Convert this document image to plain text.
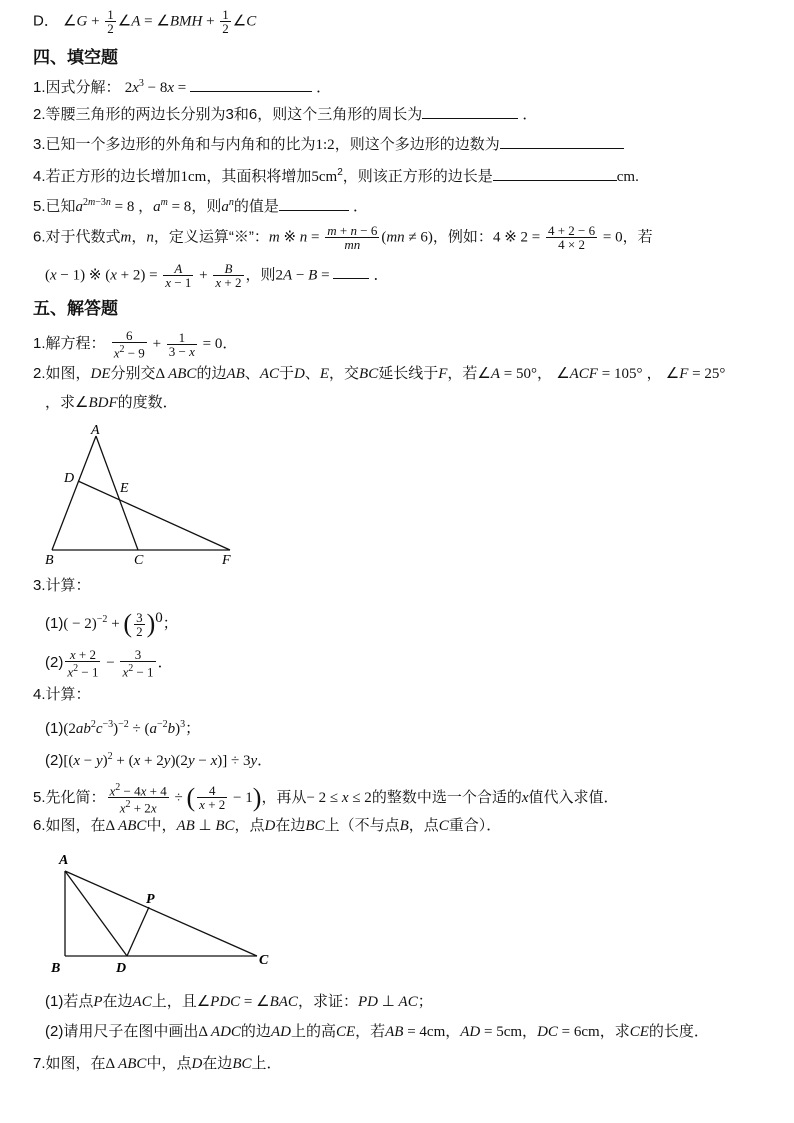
D． ∠G + $\frac{1}{2}$ ∠A = ∠BMH + $\frac{1}{2}$ ∠C
四、填空题
1.因式分解： $2x^3 - 8x$ =	．
2.等腰三角形的两边长分别为3和6，则这个三角形的周长为	．
3.已知一个多边形的外角和与内角和的比为1:2，则这个多边形的边数为
4.若正方形的边长增加1cm，其面积将增加$5cm^2$，则该正方形的边长是	cm.
5.已知$a^{2m-3n} = 8$ ，$a^m = 8$，则$a^n$的值是	．
6.对于代数式m，n，定义运算“※”：m ※ $n = \frac{m + n - 6}{mn} (mn \ne 6)$，例如：4 ※ $2 = \frac{4 + 2 - 6}{4 \times 2} = 0$，若
(x − 1) ※ $(x + 2) = \frac{A}{x - 1} + \frac{B}{x + 2}$ ，则2A − B =  ．
五、解答题
1.解方程： $\frac{6}{x^2 - 9} + \frac{1}{3 - x} = 0$．
2.如图，DE分别交Δ ABC的边AB、AC于D、E，交BC延长线于F，若∠A = 50°， ∠ACF = 105° ， ∠F = 25°
，求∠BDF的度数．
A
D
E
B	C	F
3.计算：
$(1)( - 2)^{-2}$ + ( $\frac{3}{2} )^0$；
$(2) \frac{x + 2}{x^2 - 1} - \frac{3}{x^2 - 1}$ ．
4.计算：
$(1)(2ab^2c^{-3})^{-2} \div (a^{-2}b)^3$；
$(2)[(x - y)^2 + (x + 2y)(2y - x)] \div 3y$．
5.先化简： $\frac{x^2 - 4x + 4}{x^2 + 2x}$ ÷ ( $\frac{4}{x + 2} - 1$)，再从− 2 ≤ x ≤ 2的整数中选一个合适的x值代入求值．
6.如图，在Δ ABC中，AB ⊥ BC，点D在边BC上（不与点B，点C重合）．
A
P
B	D
C
(1)若点P在边AC上，且∠PDC = ∠BAC，求证：PD ⊥ AC；
(2)请用尺子在图中画出Δ ADC的边AD上的高CE，若AB = 4cm，AD = 5cm，DC = 6cm，求CE的长度．
7.如图，在Δ ABC中，点D在边BC上．
